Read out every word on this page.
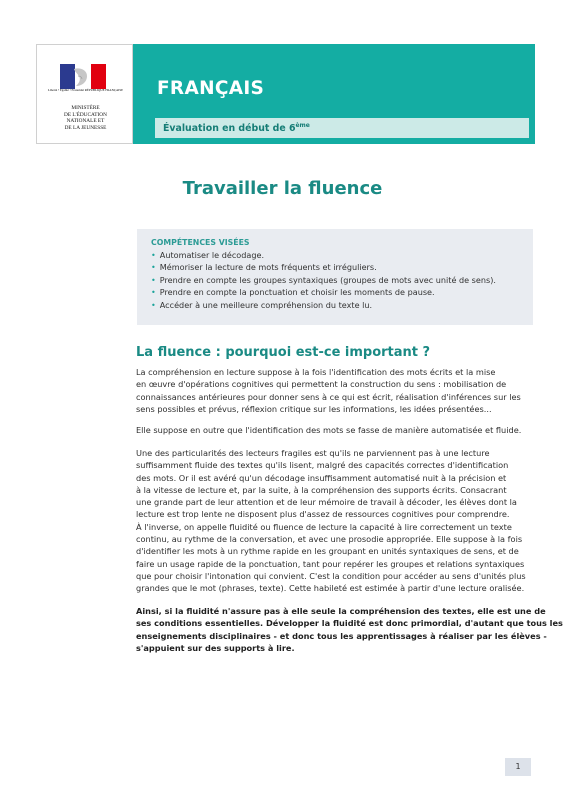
Liberté • Égalité • Fraternité RÉPUBLIQUE FRANÇAISE
MINISTÈRE
DE L'ÉDUCATION
NATIONALE ET
DE LA JEUNESSE
FRANÇAIS
Évaluation en début de 6ème
Travailler la fluence
COMPÉTENCES VISÉES
• Automatiser le décodage.
• Mémoriser la lecture de mots fréquents et irréguliers.
• Prendre en compte les groupes syntaxiques (groupes de mots avec unité de sens).
• Prendre en compte la ponctuation et choisir les moments de pause.
• Accéder à une meilleure compréhension du texte lu.
La fluence : pourquoi est-ce important ?

La compréhension en lecture suppose à la fois l'identification des mots écrits et la mise
en œuvre d'opérations cognitives qui permettent la construction du sens : mobilisation de
connaissances antérieures pour donner sens à ce qui est écrit, réalisation d'inférences sur les
sens possibles et prévus, réflexion critique sur les informations, les idées présentées...

Elle suppose en outre que l'identification des mots se fasse de manière automatisée et fluide.

Une des particularités des lecteurs fragiles est qu'ils ne parviennent pas à une lecture
suffisamment fluide des textes qu'ils lisent, malgré des capacités correctes d'identification
des mots. Or il est avéré qu'un décodage insuffisamment automatisé nuit à la précision et
à la vitesse de lecture et, par la suite, à la compréhension des supports écrits. Consacrant
une grande part de leur attention et de leur mémoire de travail à décoder, les élèves dont la
lecture est trop lente ne disposent plus d'assez de ressources cognitives pour comprendre.
À l'inverse, on appelle fluidité ou fluence de lecture la capacité à lire correctement un texte
continu, au rythme de la conversation, et avec une prosodie appropriée. Elle suppose à la fois
d'identifier les mots à un rythme rapide en les groupant en unités syntaxiques de sens, et de
faire un usage rapide de la ponctuation, tant pour repérer les groupes et relations syntaxiques
que pour choisir l'intonation qui convient. C'est la condition pour accéder au sens d'unités plus
grandes que le mot (phrases, texte). Cette habileté est estimée à partir d'une lecture oralisée.

Ainsi, si la fluidité n'assure pas à elle seule la compréhension des textes, elle est une de
ses conditions essentielles. Développer la fluidité est donc primordial, d'autant que tous les
enseignements disciplinaires - et donc tous les apprentissages à réaliser par les élèves -
s'appuient sur des supports à lire.

1
